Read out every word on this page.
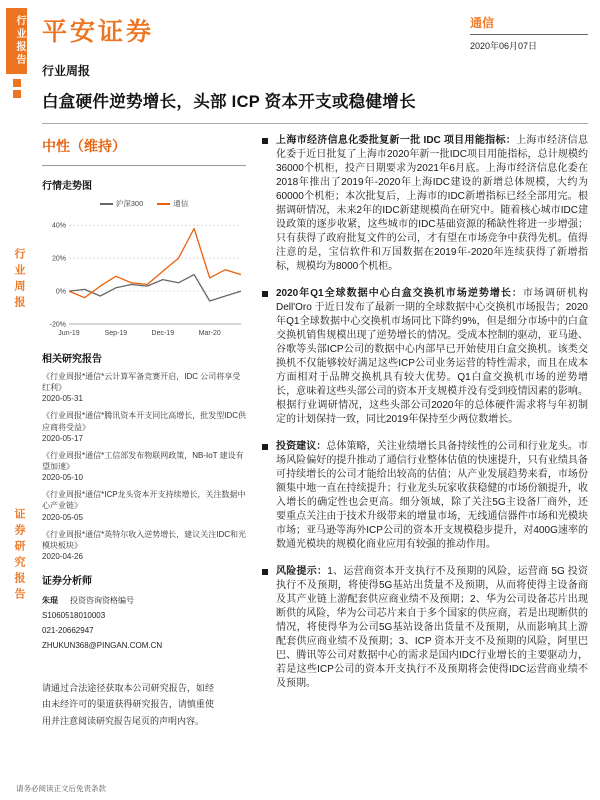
行业报告
行业周报
证券研究报告
平安证券	通信
2020年06月07日
行业周报
白盒硬件逆势增长，头部 ICP 资本开支或稳健增长
中性（维持）
行情走势图
沪深300	通信
40%
20%
0%
-20%
Jun-19	Sep-19	Dec-19	Mar-20
相关研究报告
《行业周报*通信*云计算军备竞赛开启，IDC 公司将享受红利》
2020-05-31
《行业周报*通信*腾讯资本开支同比高增长，批发型IDC供应商将受益》
2020-05-17
《行业周报*通信*工信部发布物联网政策，NB-IoT 建设有望加速》
2020-05-10
《行业周报*通信*ICP龙头资本开支持续增长，关注数据中心产业链》
2020-05-05
《行业周报*通信*英特尔收入逆势增长，建议关注IDC和光模块板块》
2020-04-26
证券分析师
朱琨 投资咨询资格编号
S1060518010003
021-20662947
ZHUKUN368@PINGAN.COM.CN

请通过合法途径获取本公司研究报告，如经由未经许可的渠道获得研究报告，请慎重使用并注意阅读研究报告尾页的声明内容。

上海市经济信息化委批复新一批 IDC 项目用能指标：上海市经济信息化委于近日批复了上海市2020年新一批IDC项目用能指标，总计规模约36000个机柜，投产日期要求为2021年6月底。上海市经济信息化委在2018年推出了2019年-2020年上海IDC建设的新增总体规模，大约为60000个机柜；本次批复后，上海市的IDC新增指标已经全部用完。根据调研情况，未来2年的IDC新建规模尚在研究中。随着核心城市IDC建设政策的逐步收紧，这些城市的IDC基础资源的稀缺性将进一步增强；只有获得了政府批复文件的公司，才有望在市场竞争中获得先机。值得注意的是，宝信软件和万国数据在2019年-2020年连续获得了新增指标，规模均为8000个机柜。

2020年Q1全球数据中心白盒交换机市场逆势增长：市场调研机构 Dell'Oro 于近日发布了最新一期的全球数据中心交换机市场报告；2020年Q1全球数据中心交换机市场同比下降约9%，但是细分市场中的白盒交换机销售规模出现了逆势增长的情况。受成本控制的驱动，亚马逊、谷歌等头部ICP公司的数据中心内部早已开始使用白盒交换机。该类交换机不仅能够较好满足这些ICP公司业务运营的特性需求，而且在成本方面相对于品牌交换机具有较大优势。Q1白盒交换机市场的逆势增长，意味着这些头部公司的资本开支规模并没有受到疫情因素的影响。根据行业调研情况，这些头部公司2020年的总体硬件需求将与年初制定的计划保持一致，同比2019年保持至少两位数增长。

投资建议：总体策略，关注业绩增长具备持续性的公司和行业龙头。市场风险偏好的提升推动了通信行业整体估值的快速提升，只有业绩具备可持续增长的公司才能给出较高的估值；从产业发展趋势来看，市场份额集中地一直在持续提升；行业龙头玩家收获稳健的市场份额提升，收入增长的确定性也会更高。细分领域，除了关注5G主设备厂商外，还要重点关注由于技术升级带来的增量市场，无线通信器件市场和光模块市场；亚马逊等海外ICP公司的资本开支规模稳步提升，对400G速率的数通光模块的规模化商业应用有较强的推动作用。

风险提示：1、运营商资本开支执行不及预期的风险，运营商 5G 投资执行不及预期，将使得5G基站出货量不及预期，从而将使得主设备商及其产业链上游配套供应商业绩不及预期；2、华为公司设备芯片出现断供的风险，华为公司芯片来自于多个国家的供应商，若是出现断供的情况，将使得华为公司5G基站设备出货量不及预期，从而影响其上游配套供应商业绩不及预期；3、ICP 资本开支不及预期的风险，阿里巴巴、腾讯等公司对数据中心的需求是国内IDC行业增长的主要驱动力，若是这些ICP公司的资本开支执行不及预期将会使得IDC运营商业绩不及预期。

请务必阅读正文后免责条款
